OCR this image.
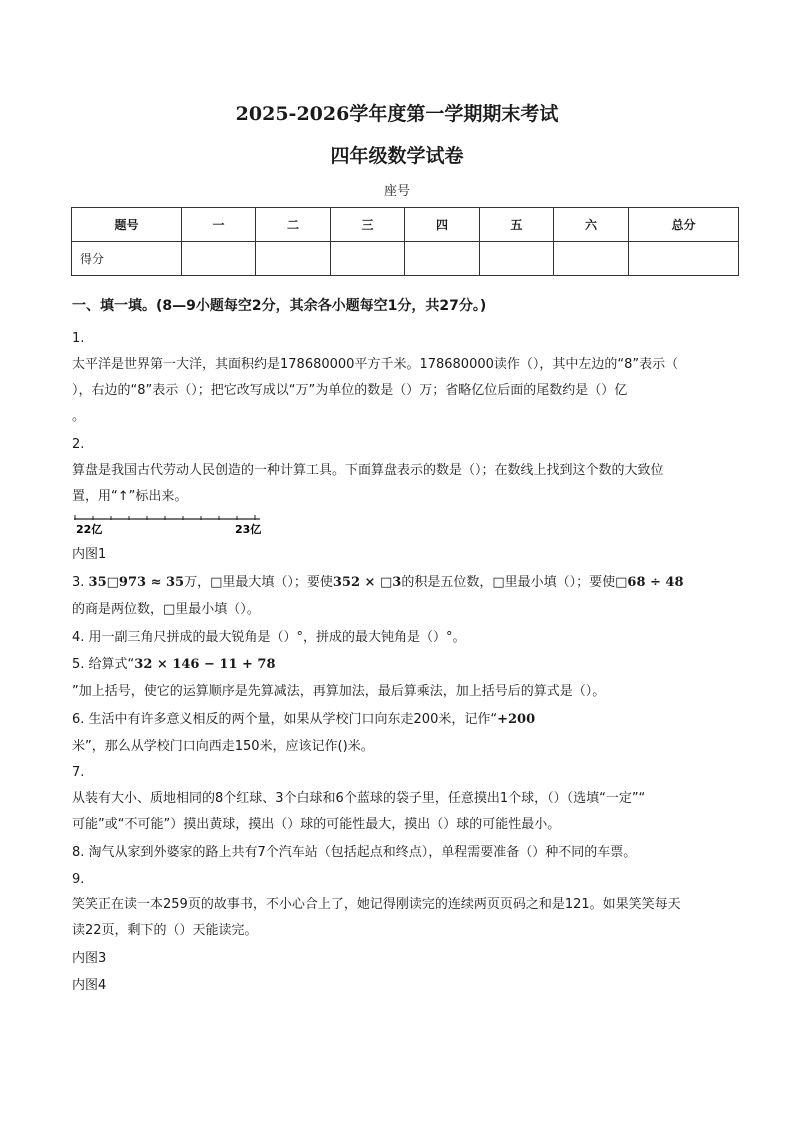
2025-2026学年度第一学期期末考试
四年级数学试卷
座号
题号	一	二	三	四	五	六	总分
得分							
一、填一填。(8—9小题每空2分，其余各小题每空1分，共27分。)
1.
太平洋是世界第一大洋，其面积约是178680000平方千米。178680000读作（），其中左边的“8”表示（
），右边的“8”表示（）；把它改写成以“万”为单位的数是（）万；省略亿位后面的尾数约是（）亿
。
2.
算盘是我国古代劳动人民创造的一种计算工具。下面算盘表示的数是（）；在数线上找到这个数的大致位
置，用“↑”标出来。
22亿	23亿
内图1
3. 35□973 ≈ 35万，□里最大填（）；要使352 × □3的积是五位数，□里最小填（）；要使□68 ÷ 48
的商是两位数，□里最小填（）。
4. 用一副三角尺拼成的最大锐角是（）°，拼成的最大钝角是（）°。
5. 给算式“32 × 146 − 11 + 78
”加上括号，使它的运算顺序是先算减法，再算加法，最后算乘法，加上括号后的算式是（）。
6. 生活中有许多意义相反的两个量，如果从学校门口向东走200米，记作“+200
米”，那么从学校门口向西走150米，应该记作()米。
7.
从装有大小、质地相同的8个红球、3个白球和6个蓝球的袋子里，任意摸出1个球，（）（选填“一定”“
可能”或“不可能”）摸出黄球，摸出（）球的可能性最大，摸出（）球的可能性最小。
8. 淘气从家到外婆家的路上共有7个汽车站（包括起点和终点），单程需要准备（）种不同的车票。
9.
笑笑正在读一本259页的故事书，不小心合上了，她记得刚读完的连续两页页码之和是121。如果笑笑每天
读22页，剩下的（）天能读完。
内图3
内图4
